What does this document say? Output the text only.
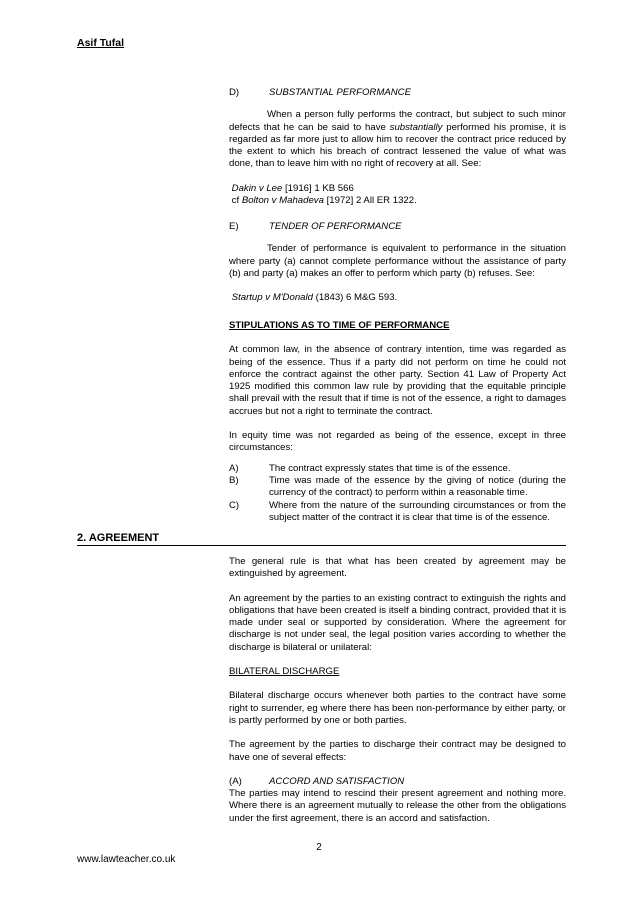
Asif Tufal
D)	SUBSTANTIAL PERFORMANCE

When a person fully performs the contract, but subject to such minor defects that he can be said to have substantially performed his promise, it is regarded as far more just to allow him to recover the contract price reduced by the extent to which his breach of contract lessened the value of what was done, than to leave him with no right of recovery at all. See:

Dakin v Lee [1916] 1 KB 566

cf Bolton v Mahadeva [1972] 2 All ER 1322.

E)	TENDER OF PERFORMANCE

Tender of performance is equivalent to performance in the situation where party (a) cannot complete performance without the assistance of party (b) and party (a) makes an offer to perform which party (b) refuses. See:

Startup v M'Donald (1843) 6 M&G 593.

STIPULATIONS AS TO TIME OF PERFORMANCE

At common law, in the absence of contrary intention, time was regarded as being of the essence. Thus if a party did not perform on time he could not enforce the contract against the other party. Section 41 Law of Property Act 1925 modified this common law rule by providing that the equitable principle shall prevail with the result that if time is not of the essence, a right to damages accrues but not a right to terminate the contract.

In equity time was not regarded as being of the essence, except in three circumstances:

A)	The contract expressly states that time is of the essence.
B)	Time was made of the essence by the giving of notice (during the currency of the contract) to perform within a reasonable time.
C)	Where from the nature of the surrounding circumstances or from the subject matter of the contract it is clear that time is of the essence.
2. AGREEMENT

The general rule is that what has been created by agreement may be extinguished by agreement.

An agreement by the parties to an existing contract to extinguish the rights and obligations that have been created is itself a binding contract, provided that it is made under seal or supported by consideration. Where the agreement for discharge is not under seal, the legal position varies according to whether the discharge is bilateral or unilateral:

BILATERAL DISCHARGE

Bilateral discharge occurs whenever both parties to the contract have some right to surrender, eg where there has been non-performance by either party, or is partly performed by one or both parties.

The agreement by the parties to discharge their contract may be designed to have one of several effects:

(A)	ACCORD AND SATISFACTION

The parties may intend to rescind their present agreement and nothing more. Where there is an agreement mutually to release the other from the obligations under the first agreement, there is an accord and satisfaction.

2
www.lawteacher.co.uk
